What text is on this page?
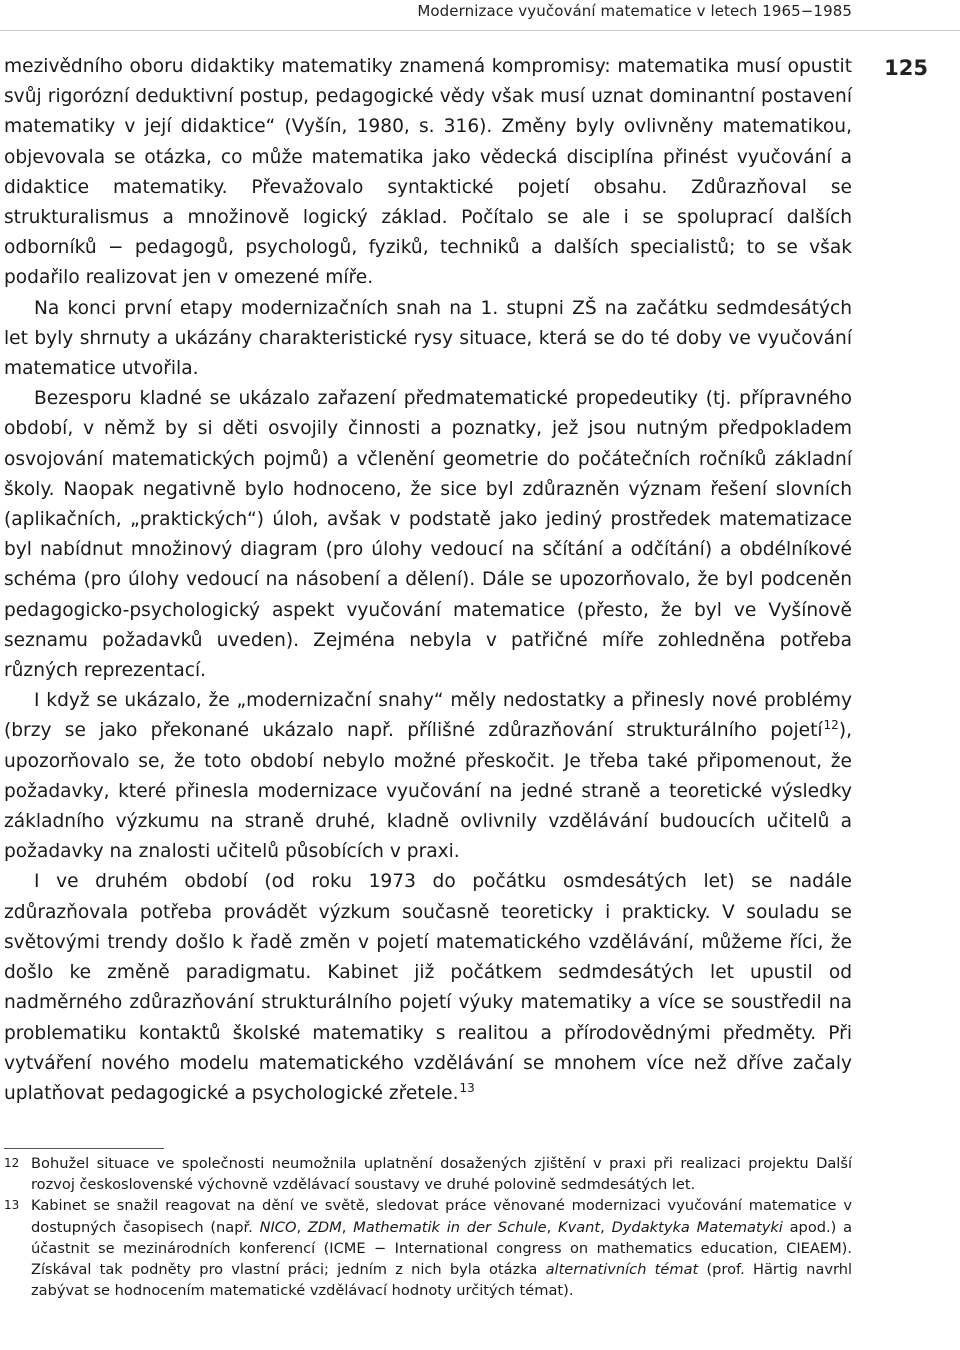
Modernizace vyučování matematice v letech 1965−1985
125

mezivědního oboru didaktiky matematiky znamená kompromisy: matematika musí opustit svůj rigorózní deduktivní postup, pedagogické vědy však musí uznat dominantní postavení matematiky v její didaktice“ (Vyšín, 1980, s. 316). Změny byly ovlivněny matematikou, objevovala se otázka, co může matematika jako vědecká disciplína přinést vyučování a didaktice matematiky. Převažovalo syntaktické pojetí obsahu. Zdůrazňoval se strukturalismus a množinově logický základ. Počítalo se ale i se spoluprací dalších odborníků − pedagogů, psychologů, fyziků, techniků a dalších specialistů; to se však podařilo realizovat jen v omezené míře.

Na konci první etapy modernizačních snah na 1. stupni ZŠ na začátku sedmdesátých let byly shrnuty a ukázány charakteristické rysy situace, která se do té doby ve vyučování matematice utvořila.

Bezesporu kladné se ukázalo zařazení předmatematické propedeutiky (tj. přípravného období, v němž by si děti osvojily činnosti a poznatky, jež jsou nutným předpokladem osvojování matematických pojmů) a včlenění geometrie do počátečních ročníků základní školy. Naopak negativně bylo hodnoceno, že sice byl zdůrazněn význam řešení slovních (aplikačních, „praktických“) úloh, avšak v podstatě jako jediný prostředek matematizace byl nabídnut množinový diagram (pro úlohy vedoucí na sčítání a odčítání) a obdélníkové schéma (pro úlohy vedoucí na násobení a dělení). Dále se upozorňovalo, že byl podceněn pedagogicko-psychologický aspekt vyučování matematice (přesto, že byl ve Vyšínově seznamu požadavků uveden). Zejména nebyla v patřičné míře zohledněna potřeba různých reprezentací.

I když se ukázalo, že „modernizační snahy“ měly nedostatky a přinesly nové problémy (brzy se jako překonané ukázalo např. přílišné zdůrazňování strukturálního pojetí$^{12}$), upozorňovalo se, že toto období nebylo možné přeskočit. Je třeba také připomenout, že požadavky, které přinesla modernizace vyučování na jedné straně a teoretické výsledky základního výzkumu na straně druhé, kladně ovlivnily vzdělávání budoucích učitelů a požadavky na znalosti učitelů působících v praxi.

I ve druhém období (od roku 1973 do počátku osmdesátých let) se nadále zdůrazňovala potřeba provádět výzkum současně teoreticky i prakticky. V souladu se světovými trendy došlo k řadě změn v pojetí matematického vzdělávání, můžeme říci, že došlo ke změně paradigmatu. Kabinet již počátkem sedmdesátých let upustil od nadměrného zdůrazňování strukturálního pojetí výuky matematiky a více se soustředil na problematiku kontaktů školské matematiky s realitou a přírodovědnými předměty. Při vytváření nového modelu matematického vzdělávání se mnohem více než dříve začaly uplatňovat pedagogické a psychologické zřetele.$^{13}$

12 Bohužel situace ve společnosti neumožnila uplatnění dosažených zjištění v praxi při realizaci projektu Další rozvoj československé výchovně vzdělávací soustavy ve druhé polovině sedmdesátých let.
13 Kabinet se snažil reagovat na dění ve světě, sledovat práce věnované modernizaci vyučování matematice v dostupných časopisech (např. NICO, ZDM, Mathematik in der Schule, Kvant, Dydaktyka Matematyki apod.) a účastnit se mezinárodních konferencí (ICME − International congress on mathematics education, CIEAEM). Získával tak podněty pro vlastní práci; jedním z nich byla otázka alternativních témat (prof. Härtig navrhl zabývat se hodnocením matematické vzdělávací hodnoty určitých témat).
